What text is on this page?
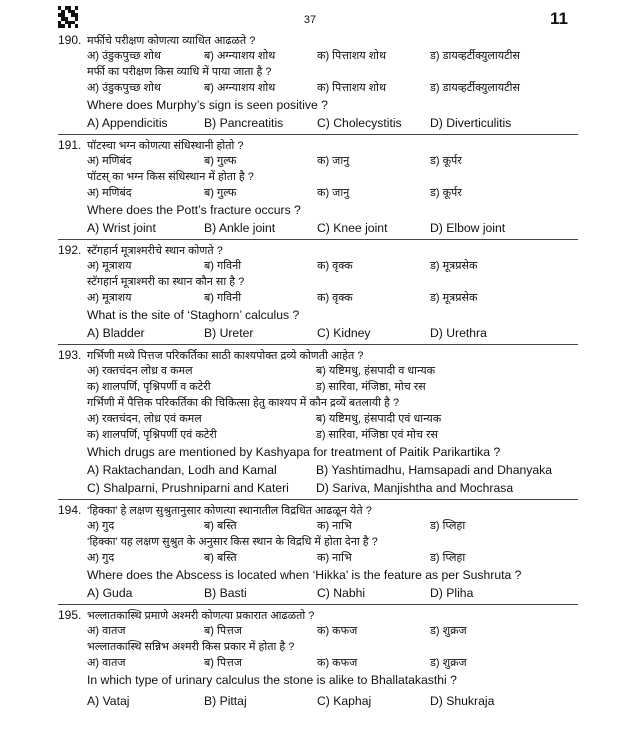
37	11
190. मर्फीचे परीक्षण कोणत्या व्याधित आढळते ?
अ) उंडुकपुच्छ शोथ	ब) अग्न्याशय शोथ	क) पित्ताशय शोथ	ड) डायव्हर्टीक्युलायटीस
मर्फी का परीक्षण किस व्याधि में पाया जाता है ?
अ) उंडुकपुच्छ शोथ	ब) अग्न्याशय शोथ	क) पित्ताशय शोथ	ड) डायव्हर्टीक्युलायटीस
Where does Murphy’s sign is seen positive ?
A) Appendicitis	B) Pancreatitis	C) Cholecystitis D) Diverticulitis
191. पॉटस्चा भग्न कोणत्या संधिस्थानी होतो ?
अ) मणिबंद	ब) गुल्फ	क) जानु	ड) कूर्पर
पॉटस् का भग्न किस संधिस्थान में होता है ?
अ) मणिबंद	ब) गुल्फ	क) जानु	ड) कूर्पर
Where does the Pott’s fracture occurs ?
A) Wrist joint	B) Ankle joint	C) Knee joint	D) Elbow joint
192. स्टॅगहार्न मूत्राश्मरीचे स्थान कोणते ?
अ) मूत्राशय	ब) गविनी	क) वृक्क	ड) मूत्रप्रसेक
स्टॅगहार्न मूत्राश्मरी का स्थान कौन सा है ?
अ) मूत्राशय	ब) गविनी	क) वृक्क	ड) मूत्रप्रसेक
What is the site of ‘Staghorn’ calculus ?
A) Bladder	B) Ureter	C) Kidney	D) Urethra
193. गर्भिणी मध्ये पित्तज परिकर्तिका साठी काश्यपोक्त द्रव्ये कोणती आहेत ?
अ) रक्तचंदन लोध्र व कमल	ब) यष्टिमधु, हंसपादी व धान्यक
क) शालपर्णि, पृश्निपर्णी व कटेरी	ड) सारिवा, मंजिष्ठा, मोच रस
गर्भिणी में पैत्तिक परिकर्तिका की चिकित्सा हेतु काश्यप में कौन द्रव्यें बतलायी है ?
अ) रक्तचंदन, लोध्र एवं कमल	ब) यष्टिमधु, हंसपादी एवं धान्यक
क) शालपर्णि, पृश्निपर्णी एवं कटेरी	ड) सारिवा, मंजिष्ठा एवं मोच रस
Which drugs are mentioned by Kashyapa for treatment of Paitik Parikartika ?
A) Raktachandan, Lodh and Kamal	B) Yashtimadhu, Hamsapadi and Dhanyaka
C) Shalparni, Prushniparni and Kateri D) Sariva, Manjishtha and Mochrasa
194. ‘हिक्का’ हे लक्षण सुश्रुतानुसार कोणत्या स्थानातील विद्रधित आढळून येते ?
अ) गुद	ब) बस्ति	क) नाभि	ड) प्लिहा
‘हिक्का’ यह लक्षण सुश्रुत के अनुसार किस स्थान के विद्रधि में होता देना है ?
अ) गुद	ब) बस्ति	क) नाभि	ड) प्लिहा
Where does the Abscess is located when ‘Hikka’ is the feature as per Sushruta ?
A) Guda	B) Basti	C) Nabhi	D) Pliha
195. भल्लातकास्थि प्रमाणे अश्मरी कोणत्या प्रकारात आढळतो ?
अ) वातज	ब) पित्तज	क) कफज	ड) शुक्रज
भल्लातकास्थि सन्निभ अश्मरी किस प्रकार में होता है ?
अ) वातज	ब) पित्तज	क) कफज	ड) शुक्रज
In which type of urinary calculus the stone is alike to Bhallatakasthi ?
A) Vataj	B) Pittaj	C) Kaphaj	D) Shukraja
